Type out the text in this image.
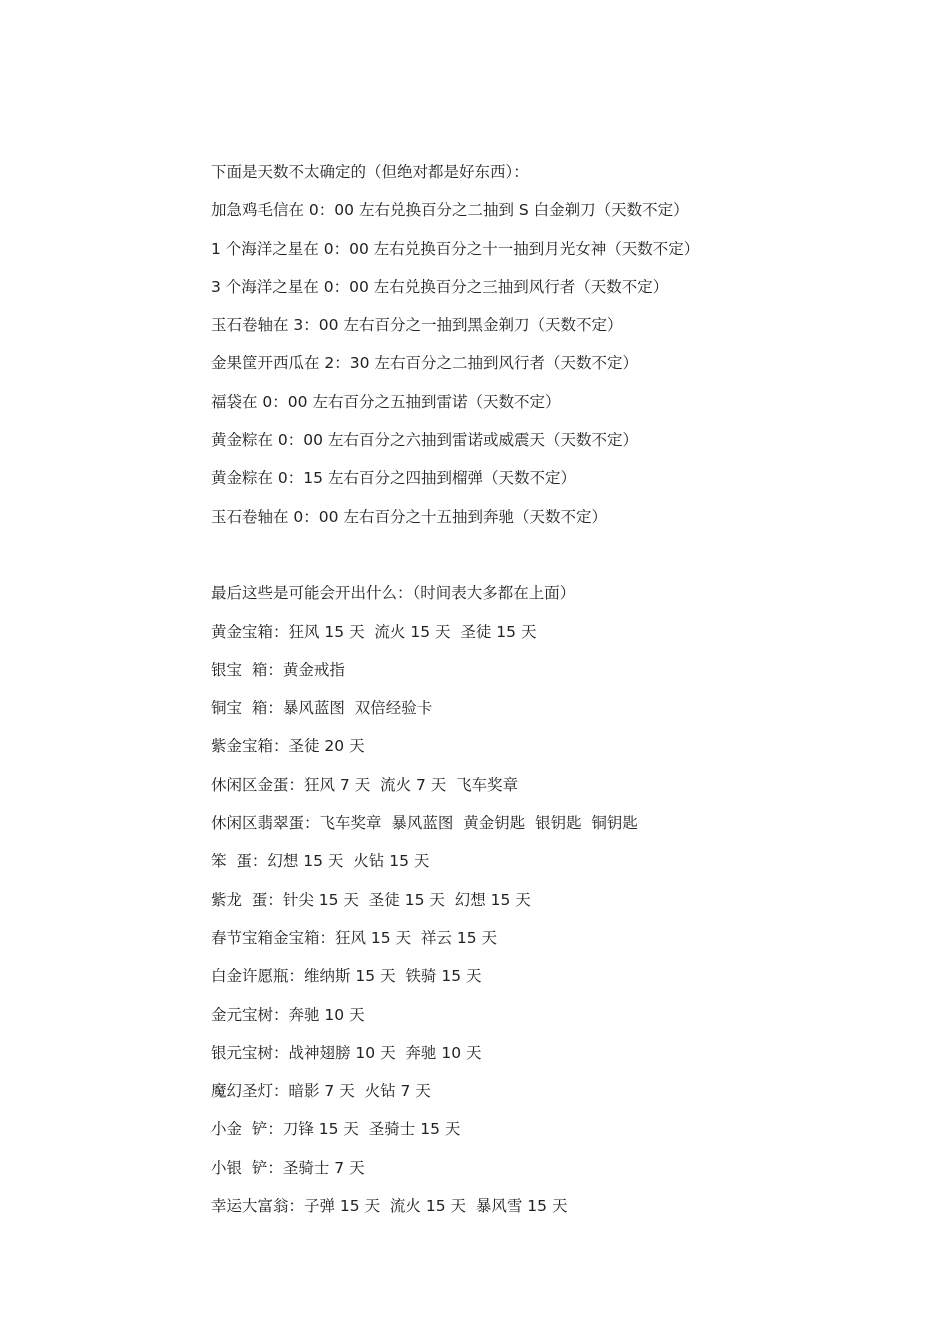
下面是天数不太确定的（但绝对都是好东西）：
加急鸡毛信在 0：00 左右兑换百分之二抽到 S 白金剃刀（天数不定）
1 个海洋之星在 0：00 左右兑换百分之十一抽到月光女神（天数不定）
3 个海洋之星在 0：00 左右兑换百分之三抽到风行者（天数不定）
玉石卷轴在 3：00 左右百分之一抽到黑金剃刀（天数不定）
金果筐开西瓜在 2：30 左右百分之二抽到风行者（天数不定）
福袋在 0：00 左右百分之五抽到雷诺（天数不定）
黄金粽在 0：00 左右百分之六抽到雷诺或威震天（天数不定）
黄金粽在 0：15 左右百分之四抽到榴弹（天数不定）
玉石卷轴在 0：00 左右百分之十五抽到奔驰（天数不定）
最后这些是可能会开出什么：（时间表大多都在上面）
黄金宝箱：狂风 15 天  流火 15 天  圣徒 15 天
银宝  箱：黄金戒指
铜宝  箱：暴风蓝图  双倍经验卡
紫金宝箱：圣徒 20 天
休闲区金蛋：狂风 7 天  流火 7 天  飞车奖章
休闲区翡翠蛋：飞车奖章  暴风蓝图  黄金钥匙  银钥匙  铜钥匙
笨  蛋：幻想 15 天  火钻 15 天
紫龙  蛋：针尖 15 天  圣徒 15 天  幻想 15 天
春节宝箱金宝箱：狂风 15 天  祥云 15 天
白金许愿瓶：维纳斯 15 天  铁骑 15 天
金元宝树：奔驰 10 天
银元宝树：战神翅膀 10 天  奔驰 10 天
魔幻圣灯：暗影 7 天  火钻 7 天
小金  铲：刀锋 15 天  圣骑士 15 天
小银  铲：圣骑士 7 天
幸运大富翁：子弹 15 天  流火 15 天  暴风雪 15 天
